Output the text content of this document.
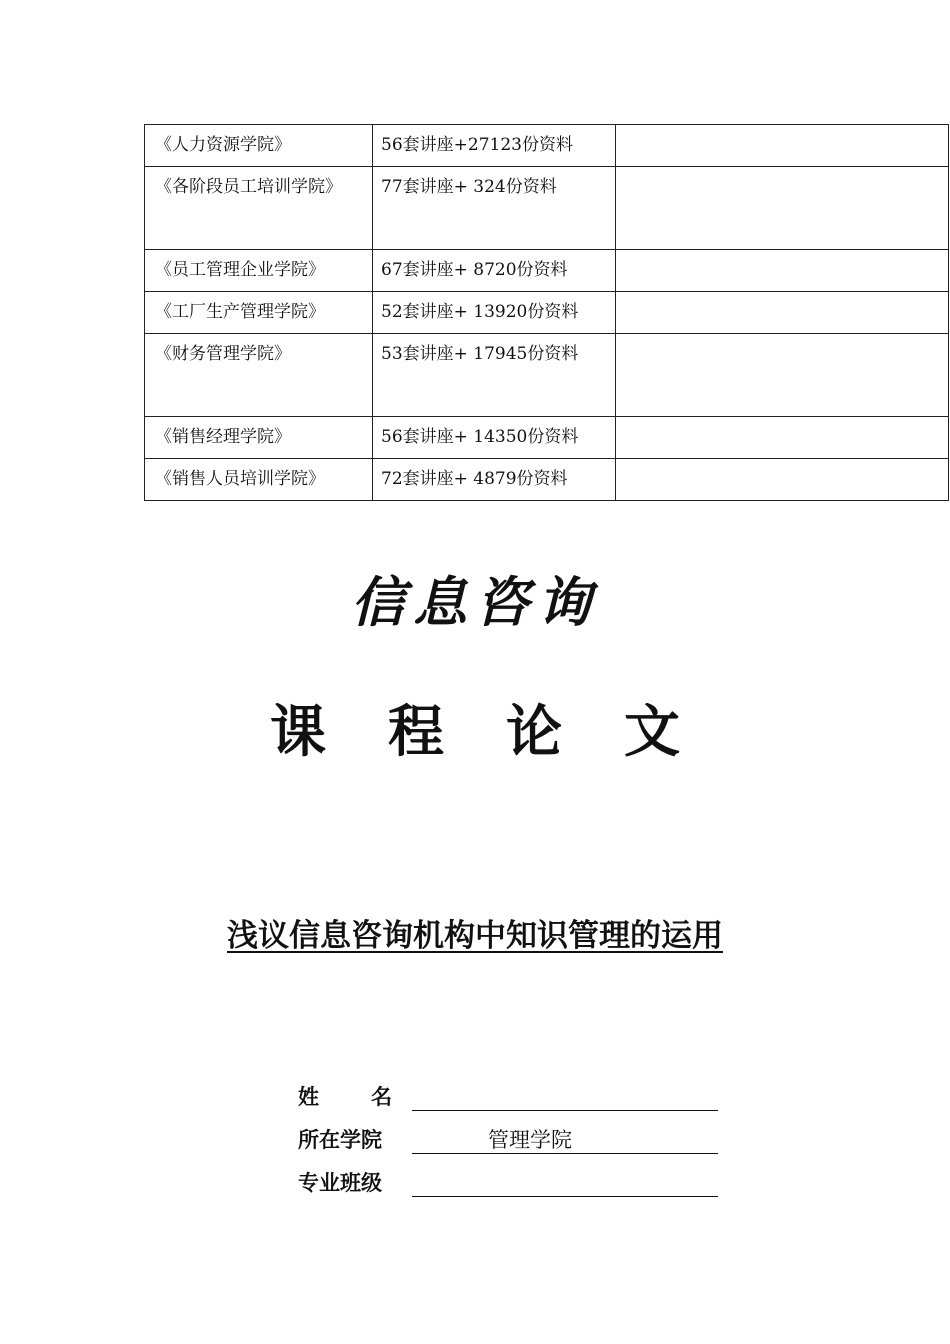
《人力资源学院》	56套讲座+27123份资料	

《各阶段员工培训学院》	77套讲座+ 324份资料	

《员工管理企业学院》	67套讲座+ 8720份资料	

《工厂生产管理学院》	52套讲座+ 13920份资料	

《财务管理学院》	53套讲座+ 17945份资料	

《销售经理学院》	56套讲座+ 14350份资料	

《销售人员培训学院》	72套讲座+ 4879份资料	

信息咨询
课程论文
浅议信息咨询机构中知识管理的运用
姓名
所在学院	管理学院
专业班级
